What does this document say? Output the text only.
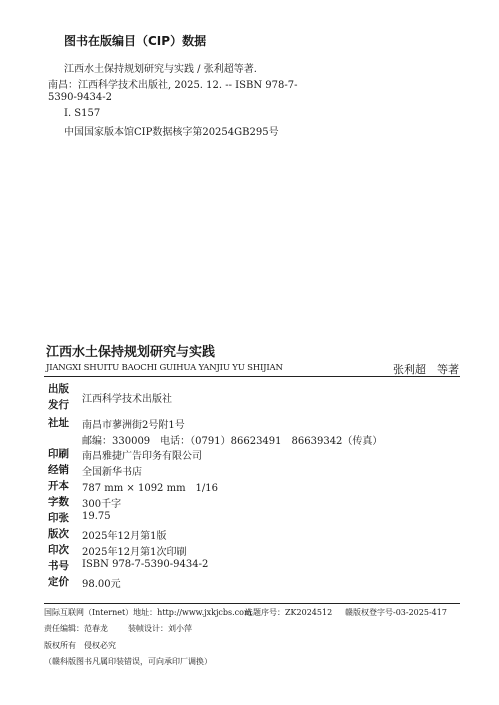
图书在版编目（CIP）数据
江西水土保持规划研究与实践 / 张利超等著.
南昌：江西科学技术出版社, 2025. 12. -- ISBN 978-7-
5390-9434-2
Ⅰ. S157
中国国家版本馆CIP数据核字第20254GB295号
江西水土保持规划研究与实践
JIANGXI SHUITU BAOCHI GUIHUA YANJIU YU SHIJIAN	张利超　等著
出版
发行 江西科学技术出版社
社址 南昌市蓼洲街2号附1号
邮编：330009　电话：（0791）86623491　86639342（传真）
印刷 南昌雅捷广告印务有限公司
经销 全国新华书店
开本 787 mm × 1092 mm　1/16
字数 300千字
印张 19.75
版次 2025年12月第1版
印次 2025年12月第1次印刷
书号 ISBN 978-7-5390-9434-2
定价 98.00元
国际互联网（Internet）地址：http://www.jxkjcbs.com
选题序号：ZK2024512 赣版权登字号-03-2025-417
责任编辑：范春龙	装帧设计：刘小萍
版权所有　侵权必究
（赣科版图书凡属印装错误，可向承印厂调换）
